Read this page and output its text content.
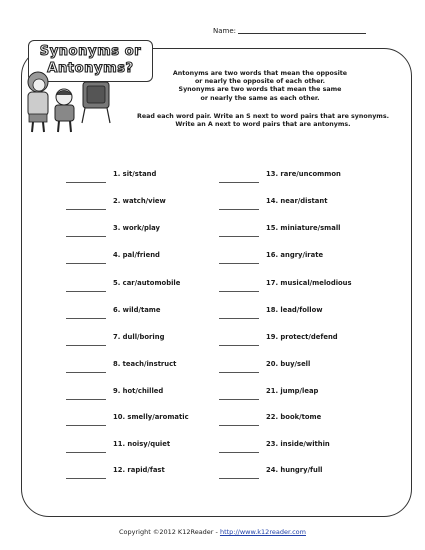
Name:
Synonyms or
Antonyms?	Antonyms are two words that mean the opposite

or nearly the opposite of each other.

Synonyms are two words that mean the same

or nearly the same as each other.

Read each word pair. Write an S next to word pairs that are synonyms.

Write an A next to word pairs that are antonyms.

1. sit/stand
2. watch/view
3. work/play
4. pal/friend
5. car/automobile
6. wild/tame
7. dull/boring
8. teach/instruct
9. hot/chilled
10. smelly/aromatic
11. noisy/quiet
12. rapid/fast
13. rare/uncommon
14. near/distant
15. miniature/small
16. angry/irate
17. musical/melodious
18. lead/follow
19. protect/defend
20. buy/sell
21. jump/leap
22. book/tome
23. inside/within
24. hungry/full
Copyright ©2012 K12Reader - http://www.k12reader.com
